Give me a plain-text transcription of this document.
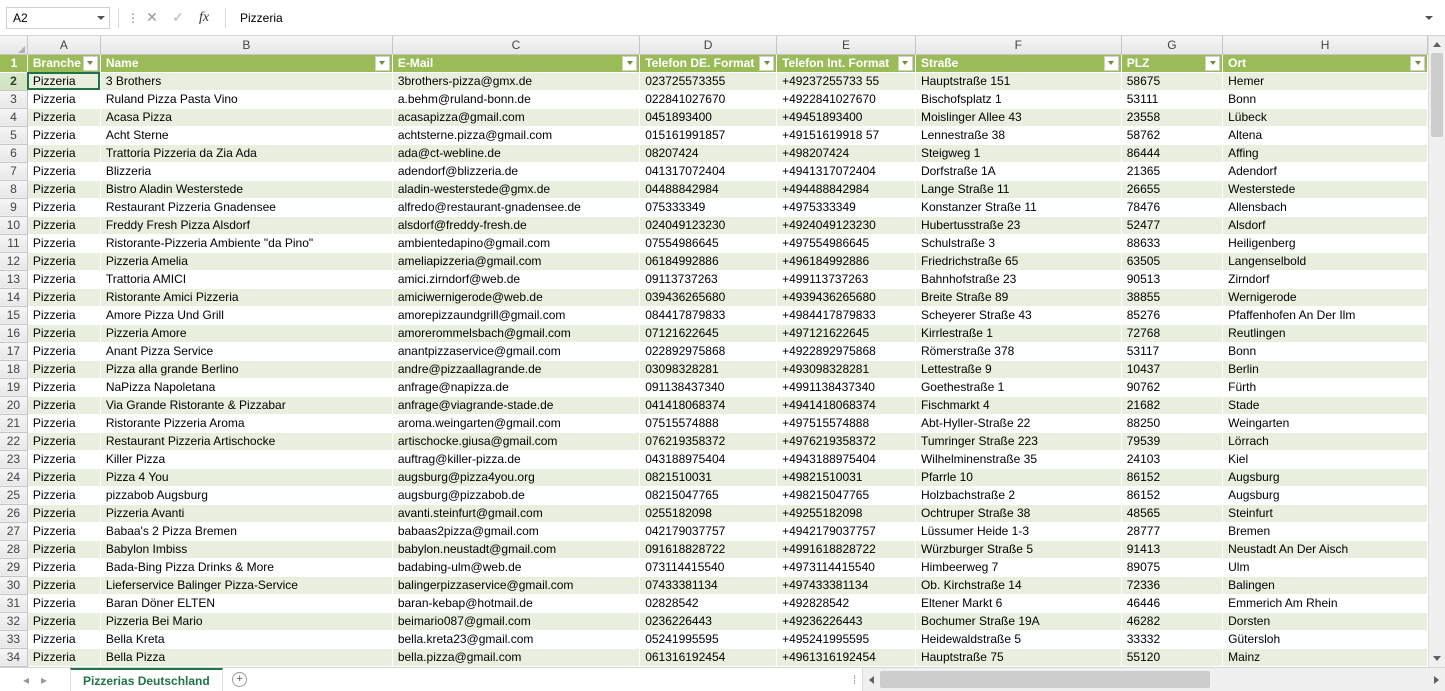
A2	⋮ ✕	✓	fx
Pizzeria
	A	B	C	D	E	F	G	H
1	Branche	Name	E-Mail	Telefon DE. Format	Telefon Int. Format	Straße	PLZ	Ort

2	Pizzeria	3 Brothers	3brothers-pizza@gmx.de	023725573355	+49237255733 55	Hauptstraße 151	58675	Hemer
3	Pizzeria	Ruland Pizza Pasta Vino	a.behm@ruland-bonn.de	022841027670	+4922841027670	Bischofsplatz 1	53111	Bonn
4	Pizzeria	Acasa Pizza	acasapizza@gmail.com	0451893400	+49451893400	Moislinger Allee 43	23558	Lübeck
5	Pizzeria	Acht Sterne	achtsterne.pizza@gmail.com	015161991857	+49151619918 57	Lennestraße 38	58762	Altena
6	Pizzeria	Trattoria Pizzeria da Zia Ada	ada@ct-webline.de	08207424	+498207424	Steigweg 1	86444	Affing
7	Pizzeria	Blizzeria	adendorf@blizzeria.de	041317072404	+4941317072404	Dorfstraße 1A	21365	Adendorf
8	Pizzeria	Bistro Aladin Westerstede	aladin-westerstede@gmx.de	04488842984	+494488842984	Lange Straße 11	26655	Westerstede
9	Pizzeria	Restaurant Pizzeria Gnadensee	alfredo@restaurant-gnadensee.de	075333349	+4975333349	Konstanzer Straße 11	78476	Allensbach
10	Pizzeria	Freddy Fresh Pizza Alsdorf	alsdorf@freddy-fresh.de	024049123230	+4924049123230	Hubertusstraße 23	52477	Alsdorf
11	Pizzeria	Ristorante-Pizzeria Ambiente "da Pino"	ambientedapino@gmail.com	07554986645	+497554986645	Schulstraße 3	88633	Heiligenberg
12	Pizzeria	Pizzeria Amelia	ameliapizzeria@gmail.com	06184992886	+496184992886	Friedrichstraße 65	63505	Langenselbold
13	Pizzeria	Trattoria AMICI	amici.zirndorf@web.de	09113737263	+499113737263	Bahnhofstraße 23	90513	Zirndorf
14	Pizzeria	Ristorante Amici Pizzeria	amiciwernigerode@web.de	039436265680	+4939436265680	Breite Straße 89	38855	Wernigerode
15	Pizzeria	Amore Pizza Und Grill	amorepizzaundgrill@gmail.com	084417879833	+4984417879833	Scheyerer Straße 43	85276	Pfaffenhofen An Der Ilm
16	Pizzeria	Pizzeria Amore	amorerommelsbach@gmail.com	07121622645	+497121622645	Kirrlestraße 1	72768	Reutlingen
17	Pizzeria	Anant Pizza Service	anantpizzaservice@gmail.com	022892975868	+4922892975868	Römerstraße 378	53117	Bonn
18	Pizzeria	Pizza alla grande Berlino	andre@pizzaallagrande.de	03098328281	+493098328281	Lettestraße 9	10437	Berlin
19	Pizzeria	NaPizza Napoletana	anfrage@napizza.de	091138437340	+4991138437340	Goethestraße 1	90762	Fürth
20	Pizzeria	Via Grande Ristorante & Pizzabar	anfrage@viagrande-stade.de	041418068374	+4941418068374	Fischmarkt 4	21682	Stade
21	Pizzeria	Ristorante Pizzeria Aroma	aroma.weingarten@gmail.com	07515574888	+497515574888	Abt-Hyller-Straße 22	88250	Weingarten
22	Pizzeria	Restaurant Pizzeria Artischocke	artischocke.giusa@gmail.com	076219358372	+4976219358372	Tumringer Straße 223	79539	Lörrach
23	Pizzeria	Killer Pizza	auftrag@killer-pizza.de	043188975404	+4943188975404	Wilhelminenstraße 35	24103	Kiel
24	Pizzeria	Pizza 4 You	augsburg@pizza4you.org	0821510031	+49821510031	Pfarrle 10	86152	Augsburg
25	Pizzeria	pizzabob Augsburg	augsburg@pizzabob.de	08215047765	+498215047765	Holzbachstraße 2	86152	Augsburg
26	Pizzeria	Pizzeria Avanti	avanti.steinfurt@gmail.com	0255182098	+49255182098	Ochtruper Straße 38	48565	Steinfurt
27	Pizzeria	Babaa's 2 Pizza Bremen	babaas2pizza@gmail.com	042179037757	+4942179037757	Lüssumer Heide 1-3	28777	Bremen
28	Pizzeria	Babylon Imbiss	babylon.neustadt@gmail.com	091618828722	+4991618828722	Würzburger Straße 5	91413	Neustadt An Der Aisch
29	Pizzeria	Bada-Bing Pizza Drinks & More	badabing-ulm@web.de	073114415540	+4973114415540	Himbeerweg 7	89075	Ulm
30	Pizzeria	Lieferservice Balinger Pizza-Service	balingerpizzaservice@gmail.com	07433381134	+497433381134	Ob. Kirchstraße 14	72336	Balingen
31	Pizzeria	Baran Döner ELTEN	baran-kebap@hotmail.de	02828542	+492828542	Eltener Markt 6	46446	Emmerich Am Rhein
32	Pizzeria	Pizzeria Bei Mario	beimario087@gmail.com	0236226443	+49236226443	Bochumer Straße 19A	46282	Dorsten
33	Pizzeria	Bella Kreta	bella.kreta23@gmail.com	05241995595	+495241995595	Heidewaldstraße 5	33332	Gütersloh
34	Pizzeria	Bella Pizza	bella.pizza@gmail.com	061316192454	+4961316192454	Hauptstraße 75	55120	Mainz
◂ ▸	Pizzerias Deutschland	+	⁞
